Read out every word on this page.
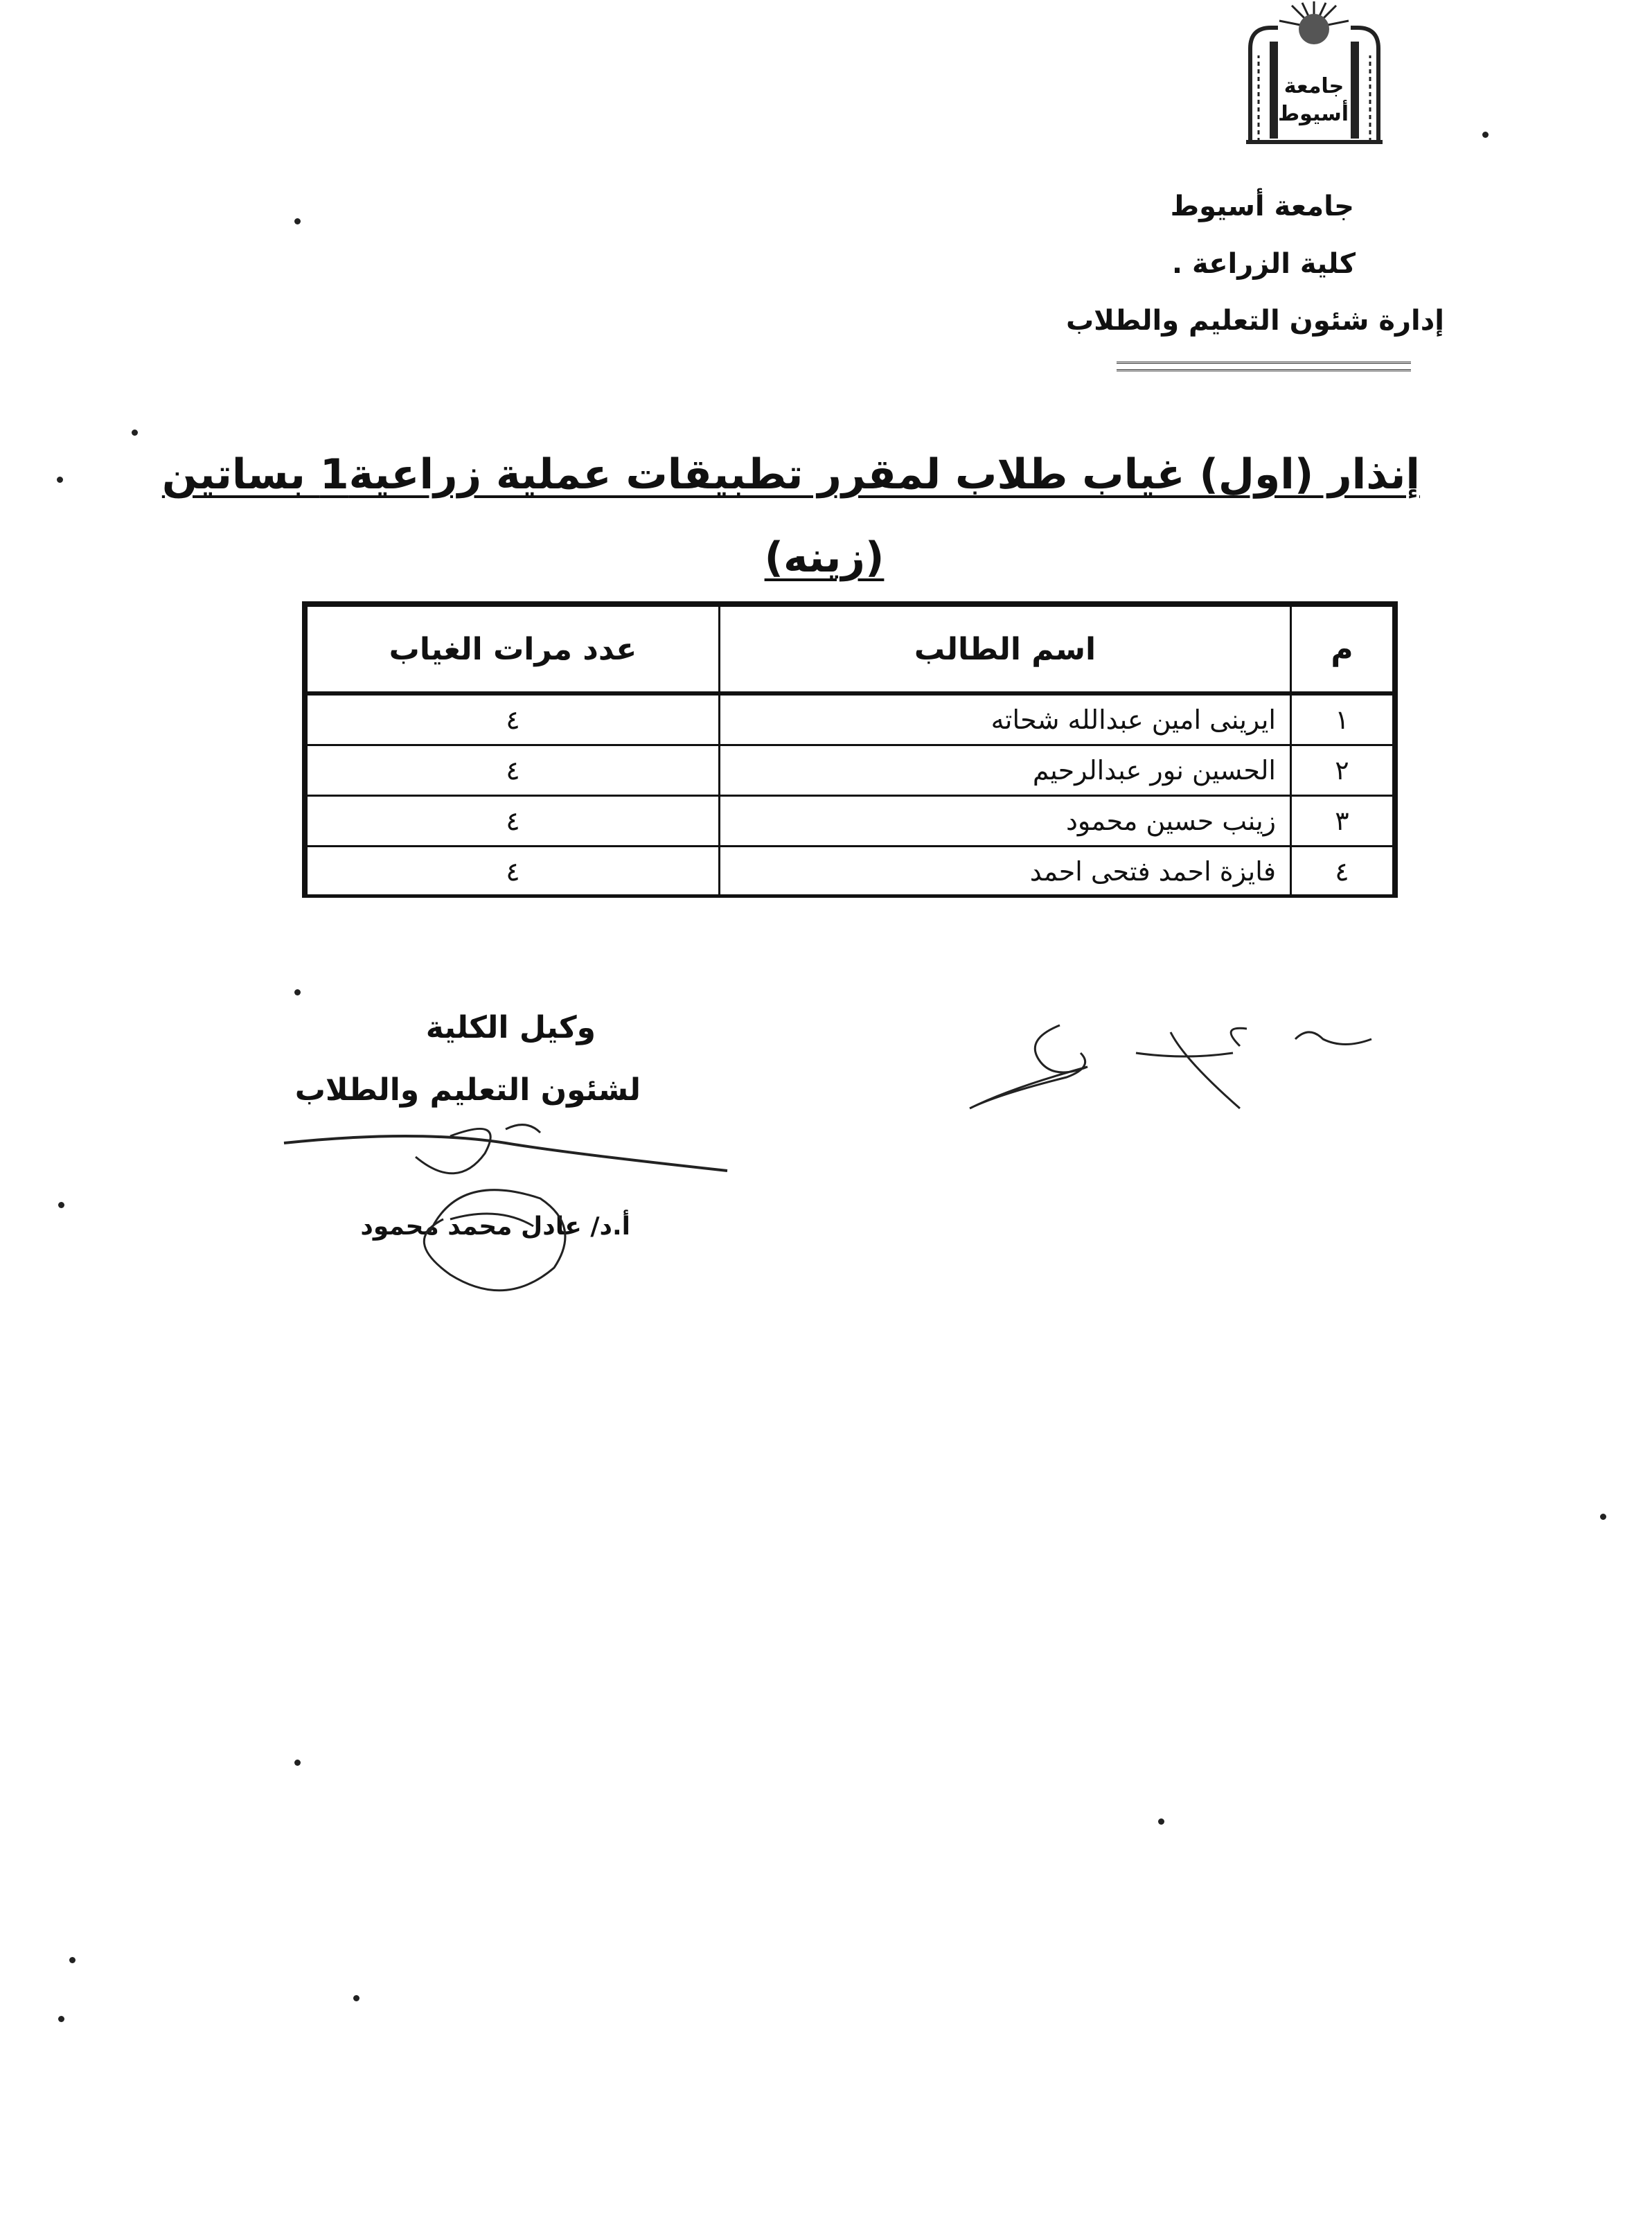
جامعة أسيوط
جامعة أسيوط
كلية الزراعة .
إدارة شئون التعليم والطلاب
إنذار (اول) غياب طلاب لمقرر تطبيقات عملية زراعية1 بساتين
(زينه)
م	اسم الطالب	عدد مرات الغياب
١	ايرينى امين عبدالله شحاته	٤
٢	الحسين نور عبدالرحيم	٤
٣	زينب حسين محمود	٤
٤	فايزة احمد فتحى احمد	٤
وكيل الكلية
لشئون التعليم والطلاب
أ.د/ عادل محمد محمود
